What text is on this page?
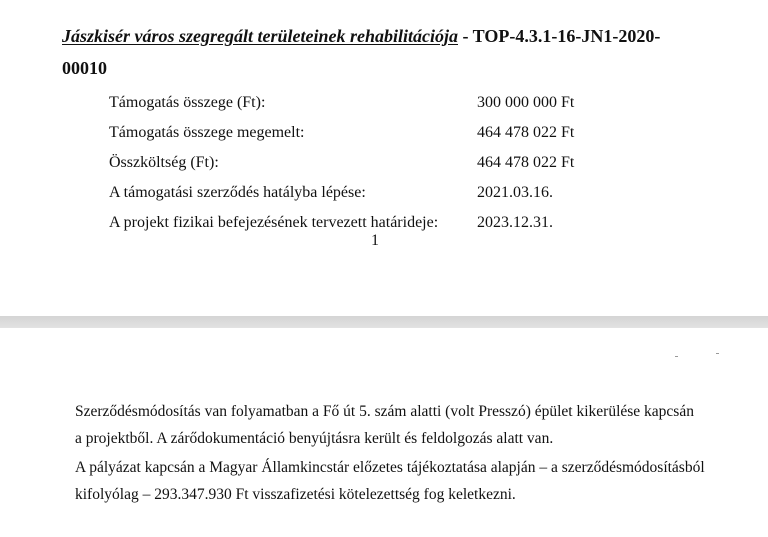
Jászkisér város szegregált területeinek rehabilitációja - TOP-4.3.1-16-JN1-2020-00010
Támogatás összege (Ft):	300 000 000 Ft
Támogatás összege megemelt:	464 478 022 Ft
Összköltség (Ft):	464 478 022 Ft
A támogatási szerződés hatályba lépése:	2021.03.16.
A projekt fizikai befejezésének tervezett határideje: 2023.12.31.
1
Szerződésmódosítás van folyamatban a Fő út 5. szám alatti (volt Presszó) épület kikerülése kapcsán
a projektből. A zárődokumentáció benyújtásra került és feldolgozás alatt van.
A pályázat kapcsán a Magyar Államkincstár előzetes tájékoztatása alapján – a szerződésmódosításból
kifolyólag – 293.347.930 Ft visszafizetési kötelezettség fog keletkezni.
